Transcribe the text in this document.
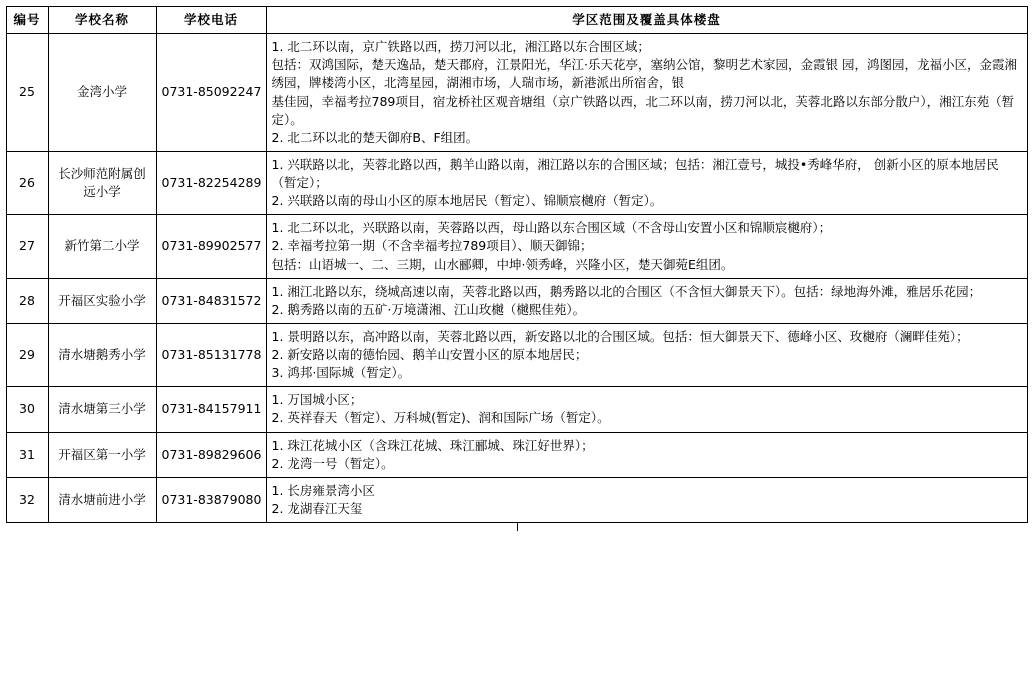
编号	学校名称	学校电话	学区范围及覆盖具体楼盘
25	金湾小学	0731-85092247	1. 北二环以南，京广铁路以西，捞刀河以北，湘江路以东合围区域；
包括：双鸿国际，楚天逸品，楚天郡府，江景阳光，华江·乐天花亭，塞纳公馆，黎明艺术家园，金霞银 园，鸿图园，龙福小区，金霞湘绣园，牌楼湾小区，北湾星园，湖湘市场，人瑞市场，新港派出所宿舍，银
基佳园，幸福考拉789项目，宿龙桥社区观音塘组（京广铁路以西，北二环以南，捞刀河以北，芙蓉北路以东部分散户），湘江东苑（暂定）。
2. 北二环以北的楚天御府B、F组团。

26	长沙师范附属创远小学	0731-82254289	1. 兴联路以北，芙蓉北路以西，鹅羊山路以南，湘江路以东的合围区域；包括：湘江壹号，城投•秀峰华府， 创新小区的原本地居民（暂定）；
2. 兴联路以南的母山小区的原本地居民（暂定）、锦顺宸樾府（暂定）。

27	新竹第二小学	0731-89902577	1. 北二环以北，兴联路以南，芙蓉路以西，母山路以东合围区域（不含母山安置小区和锦顺宸樾府）；
2. 幸福考拉第一期（不含幸福考拉789项目）、顺天御锦；
包括：山语城一、二、三期，山水郦卿，中坤·领秀峰，兴隆小区，楚天御菀E组团。

28	开福区实验小学	0731-84831572	1. 湘江北路以东，绕城高速以南，芙蓉北路以西，鹅秀路以北的合围区（不含恒大御景天下）。包括：绿地海外滩，雅居乐花园；
2. 鹅秀路以南的五矿·万境潇湘、江山玫樾（樾熙佳苑）。

29	清水塘鹅秀小学	0731-85131778	1. 景明路以东，高冲路以南，芙蓉北路以西，新安路以北的合围区域。包括：恒大御景天下、德峰小区、玫樾府（澜畔佳苑）；
2. 新安路以南的德怡园、鹅羊山安置小区的原本地居民；
3. 鸿邦·国际城（暂定）。

30	清水塘第三小学	0731-84157911	1. 万国城小区；
2. 英祥春天（暂定）、万科城(暂定)、润和国际广场（暂定）。

31	开福区第一小学	0731-89829606	1. 珠江花城小区（含珠江花城、珠江郦城、珠江好世界）；
2. 龙湾一号（暂定）。

32	清水塘前进小学	0731-83879080	1. 长房雍景湾小区
2. 龙湖春江天玺
